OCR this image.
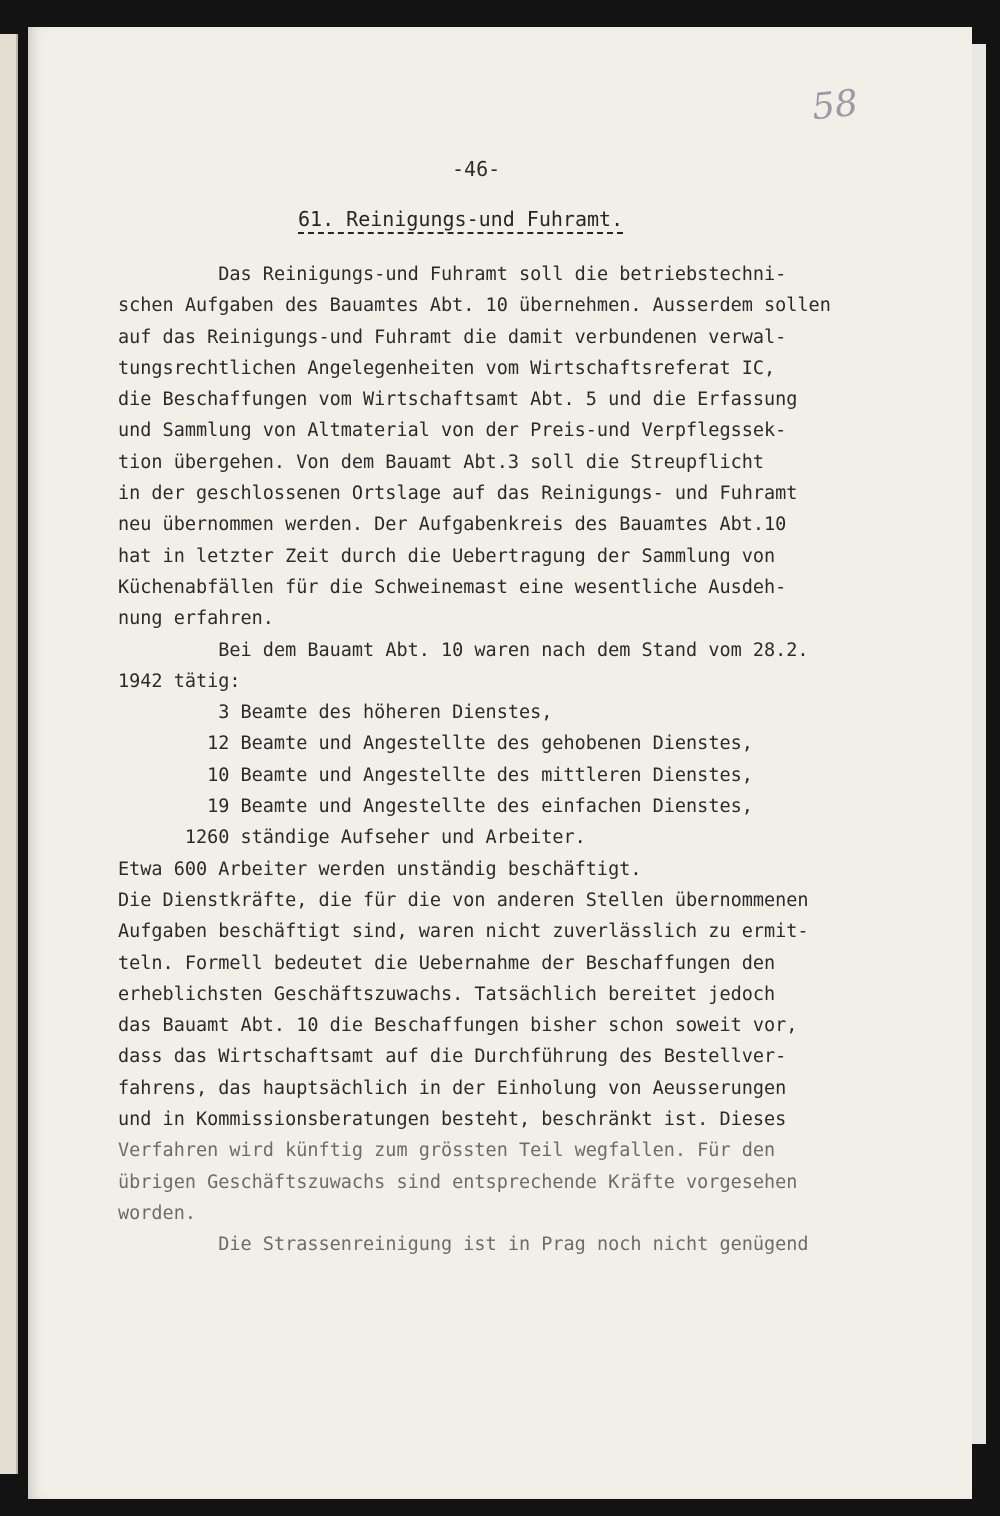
58
-46-
61. Reinigungs-und Fuhramt.
Das Reinigungs-und Fuhramt soll die betriebstechni-
schen Aufgaben des Bauamtes Abt. 10 übernehmen. Ausserdem sollen
auf das Reinigungs-und Fuhramt die damit verbundenen verwal-
tungsrechtlichen Angelegenheiten vom Wirtschaftsreferat IC,
die Beschaffungen vom Wirtschaftsamt Abt. 5 und die Erfassung
und Sammlung von Altmaterial von der Preis-und Verpflegssek-
tion übergehen. Von dem Bauamt Abt.3 soll die Streupflicht
in der geschlossenen Ortslage auf das Reinigungs- und Fuhramt
neu übernommen werden. Der Aufgabenkreis des Bauamtes Abt.10
hat in letzter Zeit durch die Uebertragung der Sammlung von
Küchenabfällen für die Schweinemast eine wesentliche Ausdeh-
nung erfahren.
Bei dem Bauamt Abt. 10 waren nach dem Stand vom 28.2.
1942 tätig:
3 Beamte des höheren Dienstes,
12 Beamte und Angestellte des gehobenen Dienstes,
10 Beamte und Angestellte des mittleren Dienstes,
19 Beamte und Angestellte des einfachen Dienstes,
1260 ständige Aufseher und Arbeiter.
Etwa 600 Arbeiter werden unständig beschäftigt.
Die Dienstkräfte, die für die von anderen Stellen übernommenen
Aufgaben beschäftigt sind, waren nicht zuverlässlich zu ermit-
teln. Formell bedeutet die Uebernahme der Beschaffungen den
erheblichsten Geschäftszuwachs. Tatsächlich bereitet jedoch
das Bauamt Abt. 10 die Beschaffungen bisher schon soweit vor,
dass das Wirtschaftsamt auf die Durchführung des Bestellver-
fahrens, das hauptsächlich in der Einholung von Aeusserungen
und in Kommissionsberatungen besteht, beschränkt ist. Dieses
Verfahren wird künftig zum grössten Teil wegfallen. Für den
übrigen Geschäftszuwachs sind entsprechende Kräfte vorgesehen
worden.
Die Strassenreinigung ist in Prag noch nicht genügend
